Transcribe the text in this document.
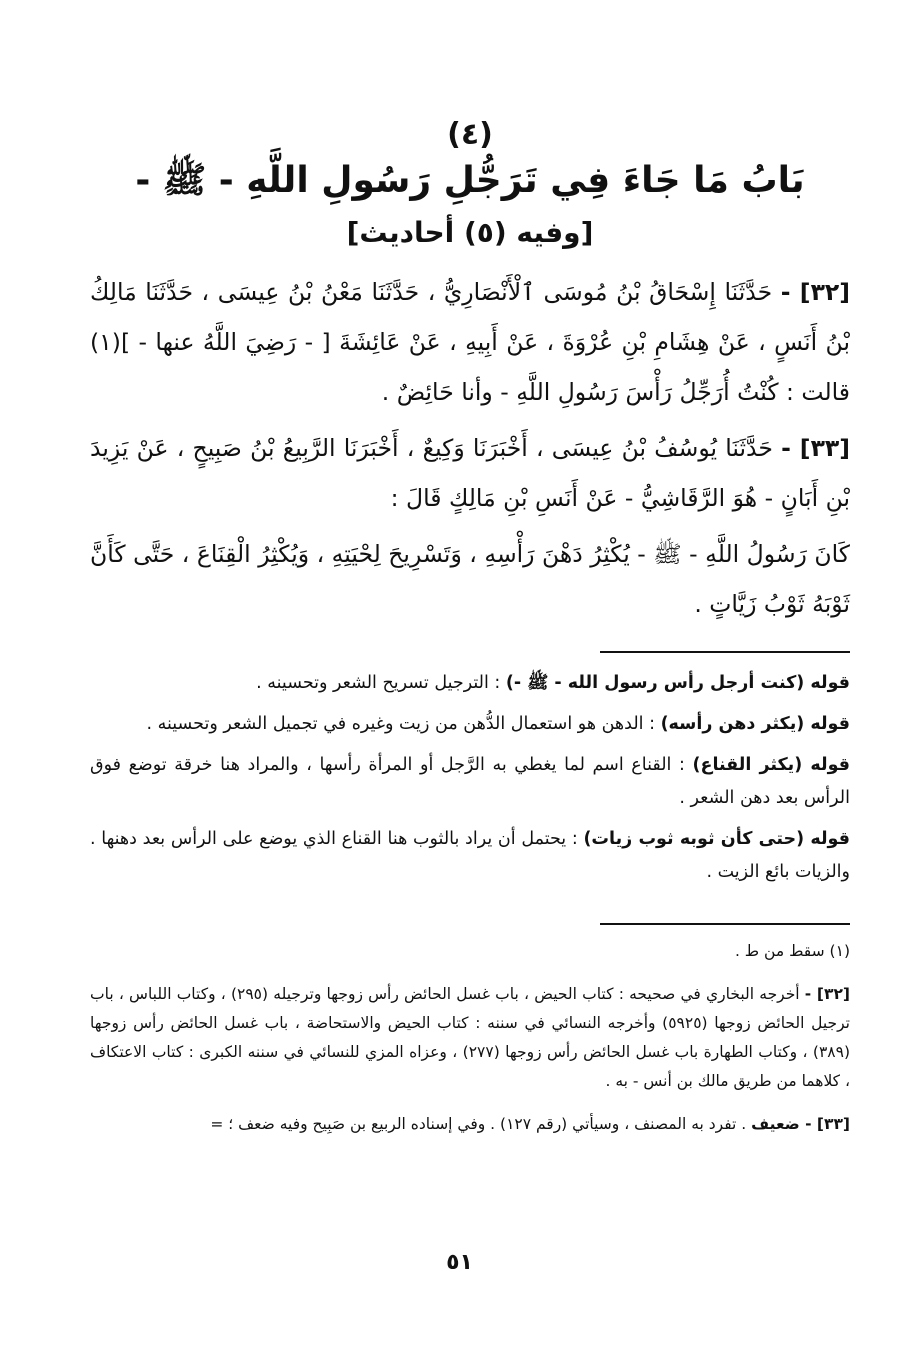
(٤)
بَابُ مَا جَاءَ فِي تَرَجُّلِ رَسُولِ اللَّهِ - ﷺ -
[وفيه (٥) أحاديث]

[٣٢] - حَدَّثَنَا إِسْحَاقُ بْنُ مُوسَى ٱلْأَنْصَارِيُّ ، حَدَّثَنَا مَعْنُ بْنُ عِيسَى ، حَدَّثَنَا مَالِكُ بْنُ أَنَسٍ ، عَنْ هِشَامِ بْنِ عُرْوَةَ ، عَنْ أَبِيهِ ، عَنْ عَائِشَةَ [ - رَضِيَ اللَّهُ عنها - ](١) قالت : كُنْتُ أُرَجِّلُ رَأْسَ رَسُولِ اللَّهِ - وأنا حَائِضٌ .

[٣٣] - حَدَّثَنَا يُوسُفُ بْنُ عِيسَى ، أَخْبَرَنَا وَكِيعٌ ، أَخْبَرَنَا الرَّبِيعُ بْنُ صَبِيحٍ ، عَنْ يَزِيدَ بْنِ أَبَانٍ - هُوَ الرَّقَاشِيُّ - عَنْ أَنَسِ بْنِ مَالِكٍ قَالَ :

كَانَ رَسُولُ اللَّهِ - ﷺ - يُكْثِرُ دَهْنَ رَأْسِهِ ، وَتَسْرِيحَ لِحْيَتِهِ ، وَيُكْثِرُ الْقِنَاعَ ، حَتَّى كَأَنَّ ثَوْبَهُ ثَوْبُ زَيَّاتٍ .

قوله (كنت أرجل رأس رسول الله - ﷺ -) : الترجيل تسريح الشعر وتحسينه .

قوله (يكثر دهن رأسه) : الدهن هو استعمال الدُّهن من زيت وغيره في تجميل الشعر وتحسينه .

قوله (يكثر القناع) : القناع اسم لما يغطي به الرَّجل أو المرأة رأسها ، والمراد هنا خرقة توضع فوق الرأس بعد دهن الشعر .

قوله (حتى كأن ثوبه ثوب زيات) : يحتمل أن يراد بالثوب هنا القناع الذي يوضع على الرأس بعد دهنها . والزيات بائع الزيت .

(١) سقط من ط .

[٣٢] - أخرجه البخاري في صحيحه : كتاب الحيض ، باب غسل الحائض رأس زوجها وترجيله (٢٩٥) ، وكتاب اللباس ، باب ترجيل الحائض زوجها (٥٩٢٥) وأخرجه النسائي في سننه : كتاب الحيض والاستحاضة ، باب غسل الحائض رأس زوجها (٣٨٩) ، وكتاب الطهارة باب غسل الحائض رأس زوجها (٢٧٧) ، وعزاه المزي للنسائي في سننه الكبرى : كتاب الاعتكاف ، كلاهما من طريق مالك بن أنس - به .

[٣٣] - ضعيف . تفرد به المصنف ، وسيأتي (رقم ١٢٧) . وفي إسناده الربيع بن صَبِيح وفيه ضعف ؛ =

٥١
